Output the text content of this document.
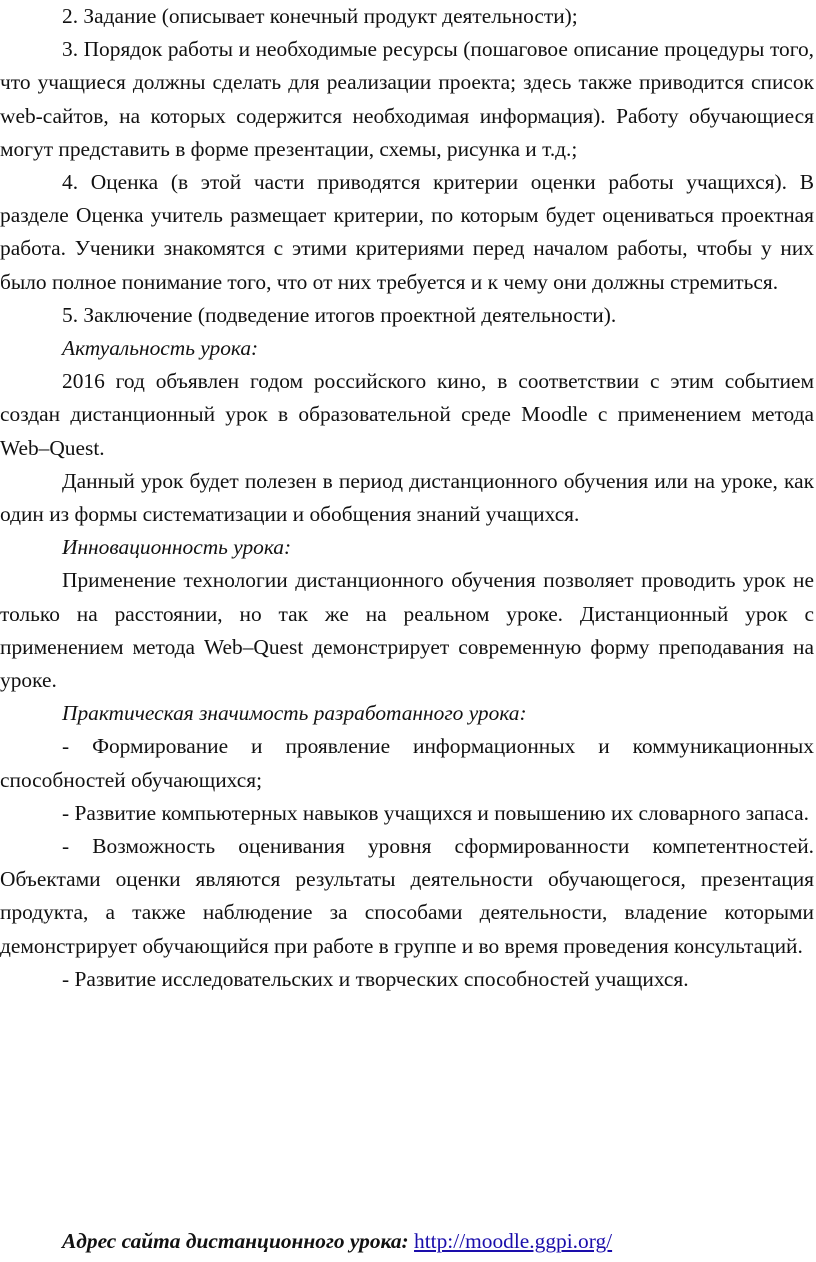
2. Задание (описывает конечный продукт деятельности);

3. Порядок работы и необходимые ресурсы (пошаговое описание процедуры того, что учащиеся должны сделать для реализации проекта; здесь также приводится список web-сайтов, на которых содержится необходимая информация). Работу обучающиеся могут представить в форме презентации, схемы, рисунка и т.д.;

4. Оценка (в этой части приводятся критерии оценки работы учащихся). В разделе Оценка учитель размещает критерии, по которым будет оцениваться проектная работа. Ученики знакомятся с этими критериями перед началом работы, чтобы у них было полное понимание того, что от них требуется и к чему они должны стремиться.

5. Заключение (подведение итогов проектной деятельности).

Актуальность урока:

2016 год объявлен годом российского кино, в соответствии с этим событием создан дистанционный урок в образовательной среде Moodle с применением метода Web–Quest.

Данный урок будет полезен в период дистанционного обучения или на уроке, как один из формы систематизации и обобщения знаний учащихся.

Инновационность урока:

Применение технологии дистанционного обучения позволяет проводить урок не только на расстоянии, но так же на реальном уроке. Дистанционный урок с применением метода Web–Quest демонстрирует современную форму преподавания на уроке.

Практическая значимость разработанного урока:

- Формирование и проявление информационных и коммуникационных способностей обучающихся;

- Развитие компьютерных навыков учащихся и повышению их словарного запаса.

- Возможность оценивания уровня сформированности компетентностей. Объектами оценки являются результаты деятельности обучающегося, презентация продукта, а также наблюдение за способами деятельности, владение которыми демонстрирует обучающийся при работе в группе и во время проведения консультаций.

- Развитие исследовательских и творческих способностей учащихся.

Адрес сайта дистанционного урока: http://moodle.ggpi.org/
